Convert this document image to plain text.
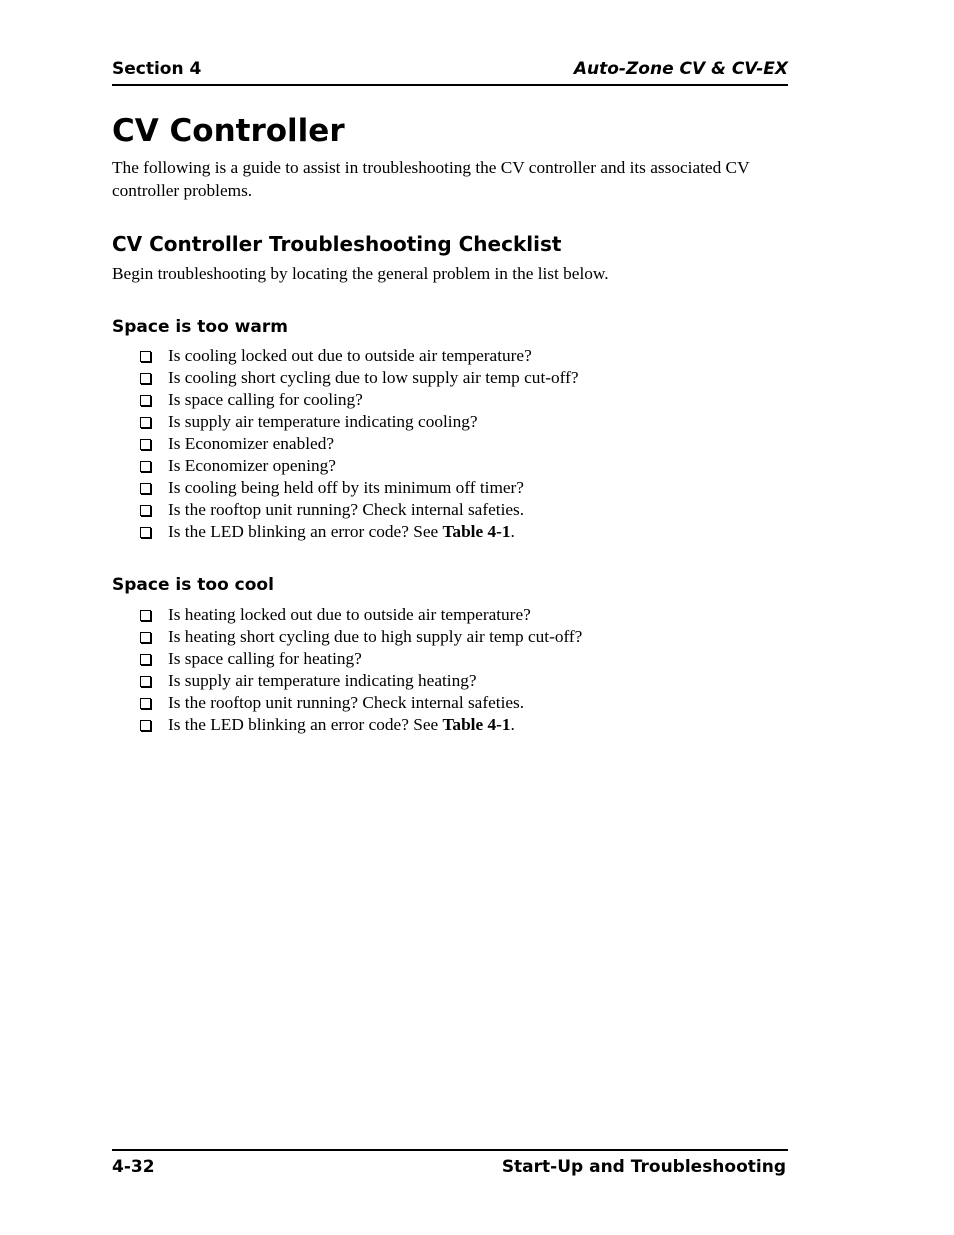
Section 4	Auto-Zone CV & CV-EX
CV Controller

The following is a guide to assist in troubleshooting the CV controller and its associated CV controller problems.

CV Controller Troubleshooting Checklist

Begin troubleshooting by locating the general problem in the list below.

Space is too warm
Is cooling locked out due to outside air temperature?
Is cooling short cycling due to low supply air temp cut-off?
Is space calling for cooling?
Is supply air temperature indicating cooling?
Is Economizer enabled?
Is Economizer opening?
Is cooling being held off by its minimum off timer?
Is the rooftop unit running? Check internal safeties.
Is the LED blinking an error code? See Table 4-1.
Space is too cool
Is heating locked out due to outside air temperature?
Is heating short cycling due to high supply air temp cut-off?
Is space calling for heating?
Is supply air temperature indicating heating?
Is the rooftop unit running? Check internal safeties.
Is the LED blinking an error code? See Table 4-1.
4-32	Start-Up and Troubleshooting
